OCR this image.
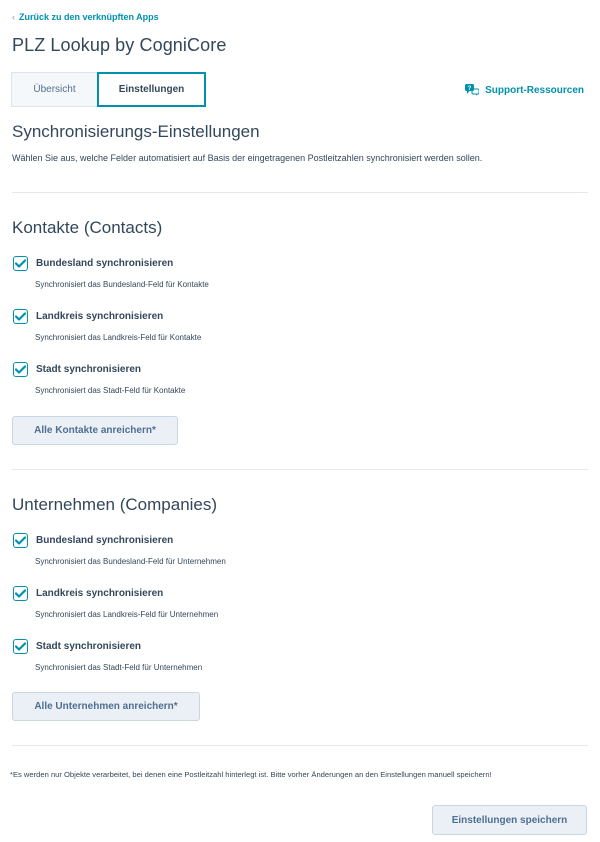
‹ Zurück zu den verknüpften Apps
PLZ Lookup by CogniCore
Übersicht	Einstellungen	? Support-Ressourcen
Synchronisierungs-Einstellungen

Wählen Sie aus, welche Felder automatisiert auf Basis der eingetragenen Postleitzahlen synchronisiert werden sollen.

Kontakte (Contacts)
Bundesland synchronisieren
Synchronisiert das Bundesland-Feld für Kontakte
Landkreis synchronisieren
Synchronisiert das Landkreis-Feld für Kontakte
Stadt synchronisieren
Synchronisiert das Stadt-Feld für Kontakte
Alle Kontakte anreichern*
Unternehmen (Companies)
Bundesland synchronisieren
Synchronisiert das Bundesland-Feld für Unternehmen
Landkreis synchronisieren
Synchronisiert das Landkreis-Feld für Unternehmen
Stadt synchronisieren
Synchronisiert das Stadt-Feld für Unternehmen
Alle Unternehmen anreichern*

*Es werden nur Objekte verarbeitet, bei denen eine Postleitzahl hinterlegt ist. Bitte vorher Änderungen an den Einstellungen manuell speichern!

Einstellungen speichern
